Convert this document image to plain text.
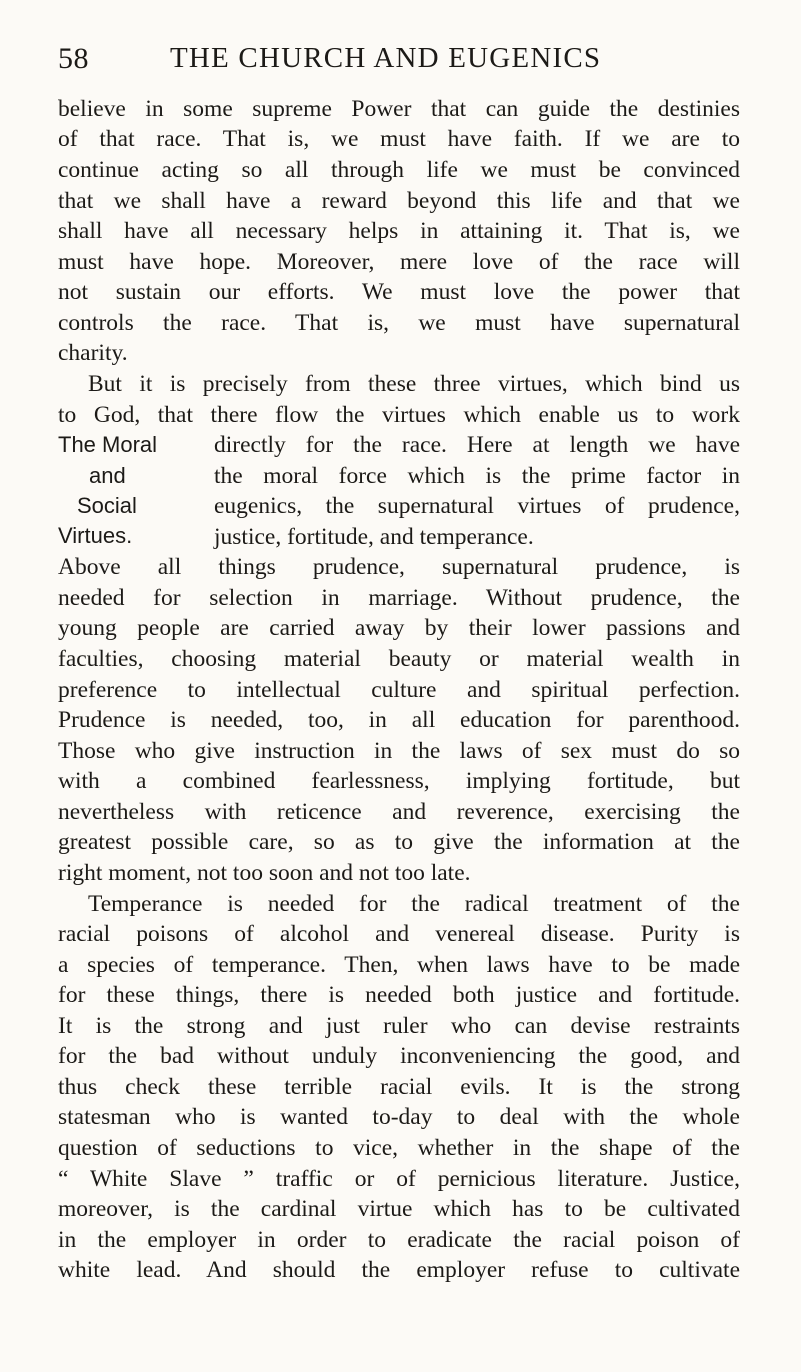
58	THE CHURCH AND EUGENICS
believe in some supreme Power that can guide the destinies
of that race. That is, we must have faith. If we are to
continue acting so all through life we must be convinced
that we shall have a reward beyond this life and that we
shall have all necessary helps in attaining it. That is, we
must have hope. Moreover, mere love of the race will
not sustain our efforts. We must love the power that
controls the race. That is, we must have supernatural
charity.
But it is precisely from these three virtues, which bind us
to God, that there flow the virtues which enable us to work
directly for the race. Here at length we have
the moral force which is the prime factor in
eugenics, the supernatural virtues of prudence,
justice, fortitude, and temperance.
Above all things prudence, supernatural prudence, is
needed for selection in marriage. Without prudence, the
young people are carried away by their lower passions and
faculties, choosing material beauty or material wealth in
preference to intellectual culture and spiritual perfection.
Prudence is needed, too, in all education for parenthood.
Those who give instruction in the laws of sex must do so
with a combined fearlessness, implying fortitude, but
nevertheless with reticence and reverence, exercising the
greatest possible care, so as to give the information at the
right moment, not too soon and not too late.
Temperance is needed for the radical treatment of the
racial poisons of alcohol and venereal disease. Purity is
a species of temperance. Then, when laws have to be made
for these things, there is needed both justice and fortitude.
It is the strong and just ruler who can devise restraints
for the bad without unduly inconveniencing the good, and
thus check these terrible racial evils. It is the strong
statesman who is wanted to-day to deal with the whole
question of seductions to vice, whether in the shape of the
“ White Slave ” traffic or of pernicious literature. Justice,
moreover, is the cardinal virtue which has to be cultivated
in the employer in order to eradicate the racial poison of
white lead. And should the employer refuse to cultivate
The Moral
and
Social
Virtues.
